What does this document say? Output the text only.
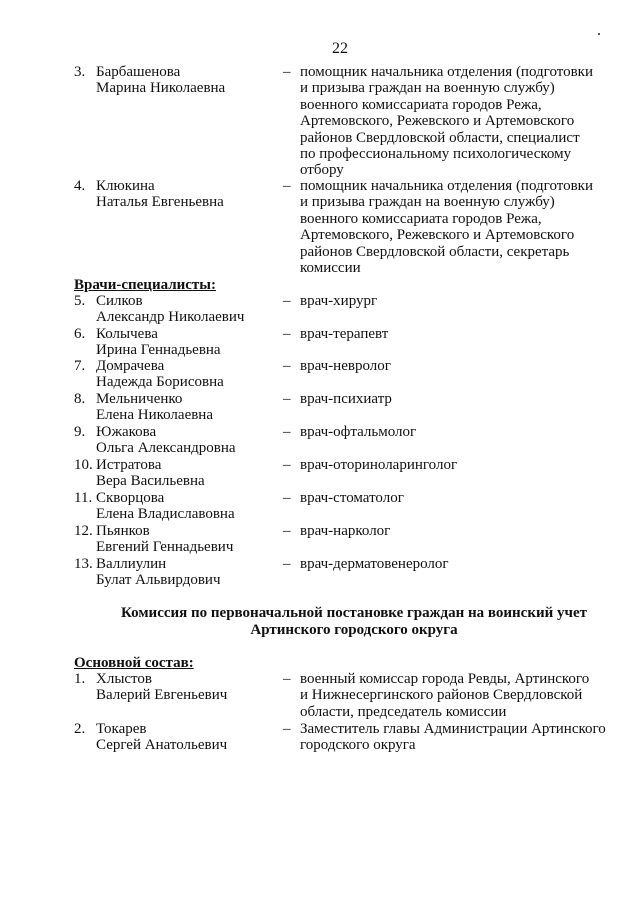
22
3. Барбашенова
Марина Николаевна
– помощник начальника отделения (подготовки
и призыва граждан на военную службу)
военного комиссариата городов Режа,
Артемовского, Режевского и Артемовского
районов Свердловской области, специалист
по профессиональному психологическому
отбору
4. Клюкина
Наталья Евгеньевна
– помощник начальника отделения (подготовки
и призыва граждан на военную службу)
военного комиссариата городов Режа,
Артемовского, Режевского и Артемовского
районов Свердловской области, секретарь
комиссии
Врачи-специалисты:
5. Силков
Александр Николаевич
– врач-хирург
6. Колычева
Ирина Геннадьевна
– врач-терапевт
7. Домрачева
Надежда Борисовна
– врач-невролог
8. Мельниченко
Елена Николаевна
– врач-психиатр
9. Южакова
Ольга Александровна
– врач-офтальмолог
10. Истратова
Вера Васильевна
– врач-оториноларинголог
11. Скворцова
Елена Владиславовна
– врач-стоматолог
12. Пьянков
Евгений Геннадьевич
– врач-нарколог
13. Валлиулин
Булат Альвирдович
– врач-дерматовенеролог
Комиссия по первоначальной постановке граждан на воинский учет
Артинского городского округа
Основной состав:
1. Хлыстов
Валерий Евгеньевич
– военный комиссар города Ревды, Артинского
и Нижнесергинского районов Свердловской
области, председатель комиссии
2. Токарев
Сергей Анатольевич
– Заместитель главы Администрации Артинского
городского округа
